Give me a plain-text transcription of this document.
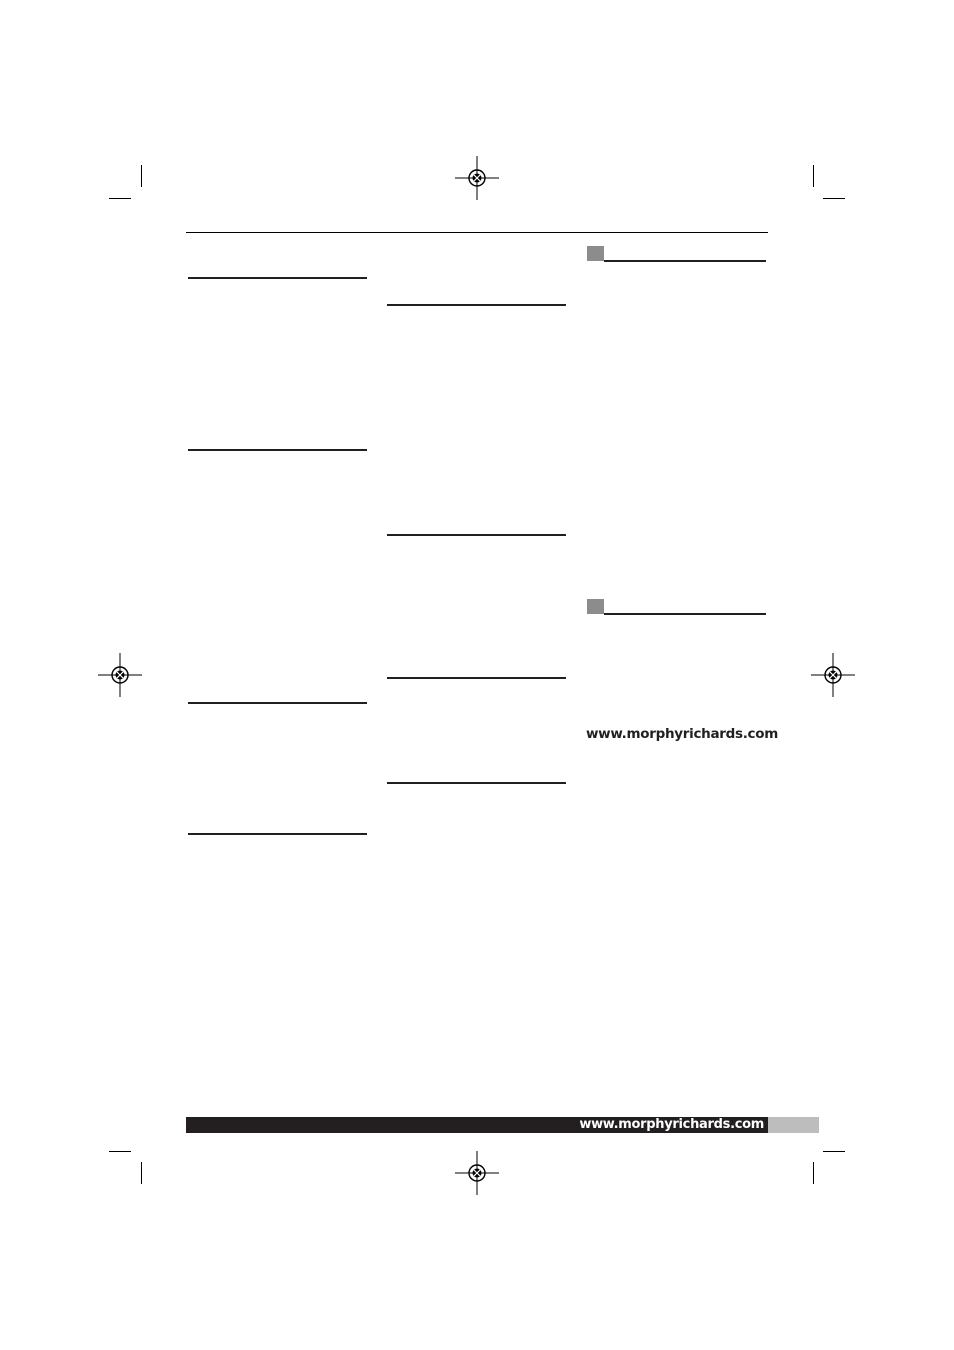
www.morphyrichards.com
www.morphyrichards.com
